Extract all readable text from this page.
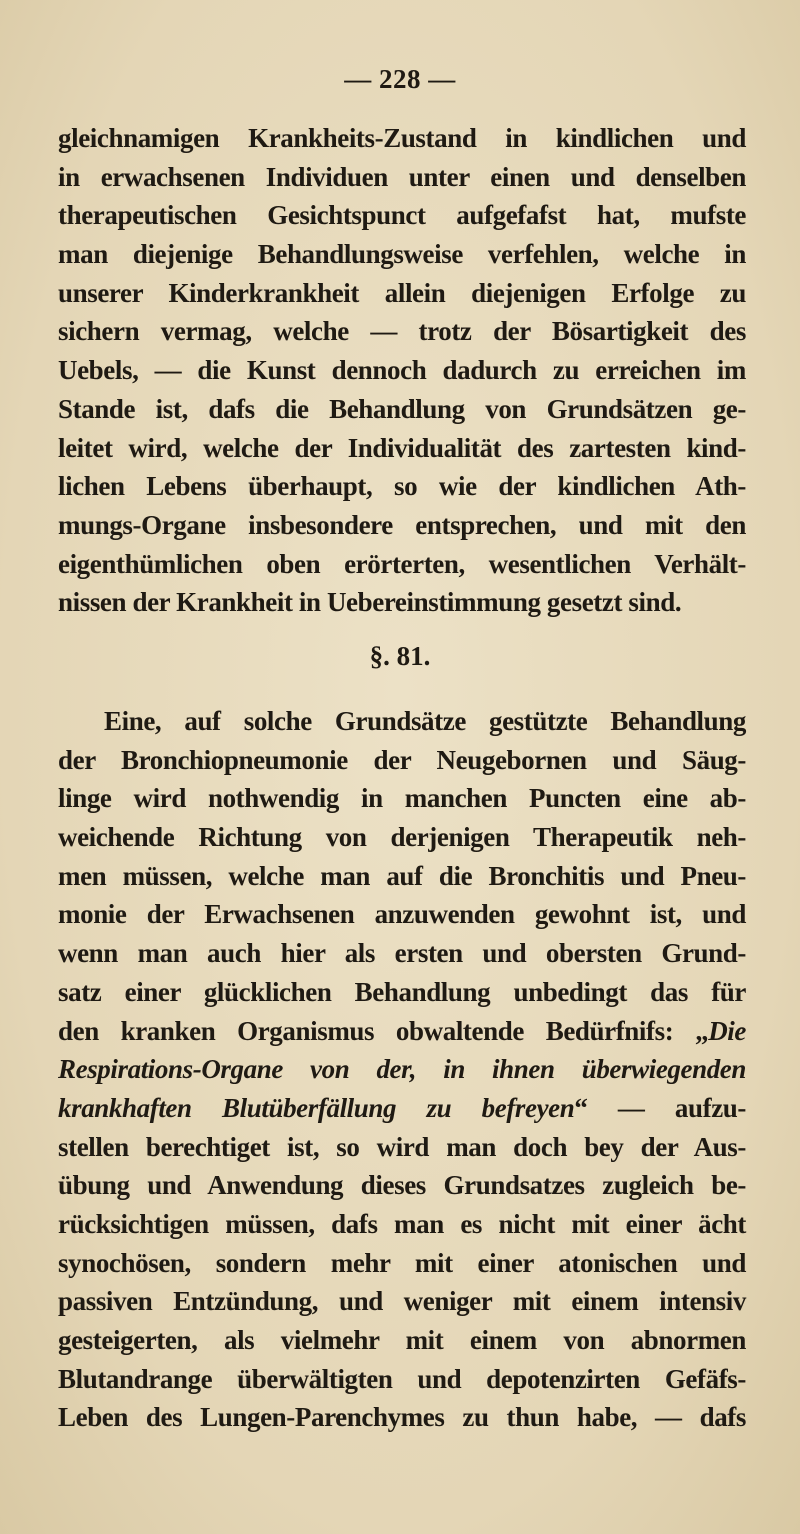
— 228 —
gleichnamigen Krankheits-Zustand in kindlichen und
in erwachsenen Individuen unter einen und denselben
therapeutischen Gesichtspunct aufgefafst hat, mufste
man diejenige Behandlungsweise verfehlen, welche in
unserer Kinderkrankheit allein diejenigen Erfolge zu
sichern vermag, welche — trotz der Bösartigkeit des
Uebels, — die Kunst dennoch dadurch zu erreichen im
Stande ist, dafs die Behandlung von Grundsätzen ge-
leitet wird, welche der Individualität des zartesten kind-
lichen Lebens überhaupt, so wie der kindlichen Ath-
mungs-Organe insbesondere entsprechen, und mit den
eigenthümlichen oben erörterten, wesentlichen Verhält-
nissen der Krankheit in Uebereinstimmung gesetzt sind.
§. 81.
Eine, auf solche Grundsätze gestützte Behandlung
der Bronchiopneumonie der Neugebornen und Säug-
linge wird nothwendig in manchen Puncten eine ab-
weichende Richtung von derjenigen Therapeutik neh-
men müssen, welche man auf die Bronchitis und Pneu-
monie der Erwachsenen anzuwenden gewohnt ist, und
wenn man auch hier als ersten und obersten Grund-
satz einer glücklichen Behandlung unbedingt das für
den kranken Organismus obwaltende Bedürfnifs: „Die
Respirations-Organe von der, in ihnen überwiegenden
krankhaften Blutüberfällung zu befreyen“ — aufzu-
stellen berechtiget ist, so wird man doch bey der Aus-
übung und Anwendung dieses Grundsatzes zugleich be-
rücksichtigen müssen, dafs man es nicht mit einer ächt
synochösen, sondern mehr mit einer atonischen und
passiven Entzündung, und weniger mit einem intensiv
gesteigerten, als vielmehr mit einem von abnormen
Blutandrange überwältigten und depotenzirten Gefäfs-
Leben des Lungen-Parenchymes zu thun habe, — dafs
